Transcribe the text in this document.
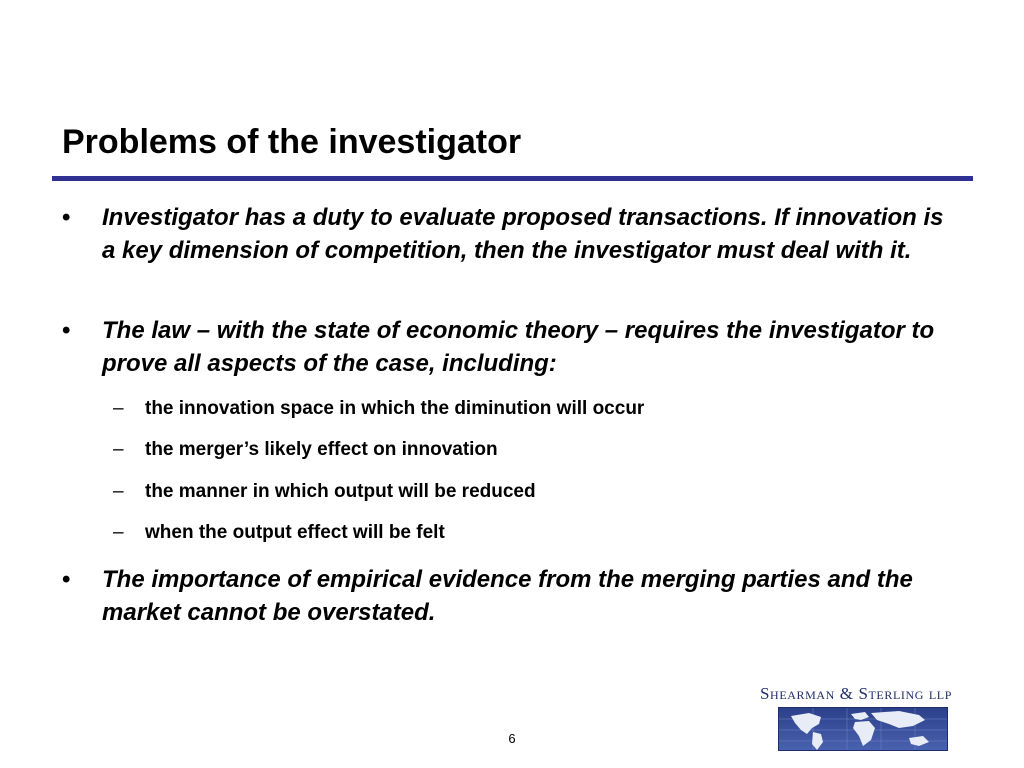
Problems of the investigator
• Investigator has a duty to evaluate proposed transactions. If innovation is a key dimension of competition, then the investigator must deal with it.
• The law – with the state of economic theory – requires the investigator to prove all aspects of the case, including:
– the innovation space in which the diminution will occur
– the merger’s likely effect on innovation
– the manner in which output will be reduced
– when the output effect will be felt
• The importance of empirical evidence from the merging parties and the market cannot be overstated.
Shearman & Sterling llp
6
